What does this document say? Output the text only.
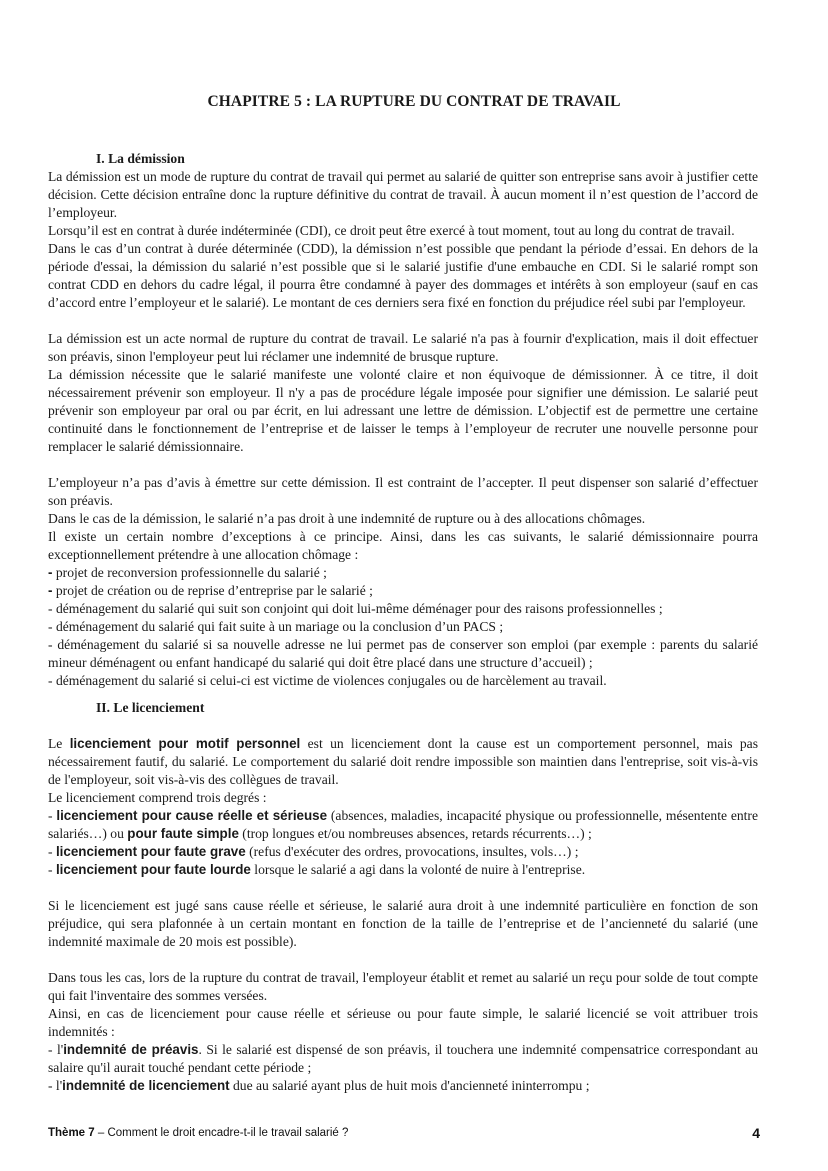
CHAPITRE 5 : LA RUPTURE DU CONTRAT DE TRAVAIL
I. La démission

La démission est un mode de rupture du contrat de travail qui permet au salarié de quitter son entreprise sans avoir à justifier cette décision. Cette décision entraîne donc la rupture définitive du contrat de travail. À aucun moment il n’est question de l’accord de l’employeur.

Lorsqu’il est en contrat à durée indéterminée (CDI), ce droit peut être exercé à tout moment, tout au long du contrat de travail.

Dans le cas d’un contrat à durée déterminée (CDD), la démission n’est possible que pendant la période d’essai. En dehors de la période d'essai, la démission du salarié n’est possible que si le salarié justifie d'une embauche en CDI. Si le salarié rompt son contrat CDD en dehors du cadre légal, il pourra être condamné à payer des dommages et intérêts à son employeur (sauf en cas d’accord entre l’employeur et le salarié). Le montant de ces derniers sera fixé en fonction du préjudice réel subi par l'employeur.

La démission est un acte normal de rupture du contrat de travail. Le salarié n'a pas à fournir d'explication, mais il doit effectuer son préavis, sinon l'employeur peut lui réclamer une indemnité de brusque rupture.

La démission nécessite que le salarié manifeste une volonté claire et non équivoque de démissionner. À ce titre, il doit nécessairement prévenir son employeur. Il n'y a pas de procédure légale imposée pour signifier une démission. Le salarié peut prévenir son employeur par oral ou par écrit, en lui adressant une lettre de démission. L’objectif est de permettre une certaine continuité dans le fonctionnement de l’entreprise et de laisser le temps à l’employeur de recruter une nouvelle personne pour remplacer le salarié démissionnaire.

L’employeur n’a pas d’avis à émettre sur cette démission. Il est contraint de l’accepter. Il peut dispenser son salarié d’effectuer son préavis.

Dans le cas de la démission, le salarié n’a pas droit à une indemnité de rupture ou à des allocations chômages.

Il existe un certain nombre d’exceptions à ce principe. Ainsi, dans les cas suivants, le salarié démissionnaire pourra exceptionnellement prétendre à une allocation chômage :

- projet de reconversion professionnelle du salarié ;

- projet de création ou de reprise d’entreprise par le salarié ;

- déménagement du salarié qui suit son conjoint qui doit lui-même déménager pour des raisons professionnelles ;

- déménagement du salarié qui fait suite à un mariage ou la conclusion d’un PACS ;

- déménagement du salarié si sa nouvelle adresse ne lui permet pas de conserver son emploi (par exemple : parents du salarié mineur déménagent ou enfant handicapé du salarié qui doit être placé dans une structure d’accueil) ;

- déménagement du salarié si celui-ci est victime de violences conjugales ou de harcèlement au travail.

II. Le licenciement

Le licenciement pour motif personnel est un licenciement dont la cause est un comportement personnel, mais pas nécessairement fautif, du salarié. Le comportement du salarié doit rendre impossible son maintien dans l'entreprise, soit vis-à-vis de l'employeur, soit vis-à-vis des collègues de travail.

Le licenciement comprend trois degrés :

- licenciement pour cause réelle et sérieuse (absences, maladies, incapacité physique ou professionnelle, mésentente entre salariés…) ou pour faute simple (trop longues et/ou nombreuses absences, retards récurrents…) ;

- licenciement pour faute grave (refus d'exécuter des ordres, provocations, insultes, vols…) ;

- licenciement pour faute lourde lorsque le salarié a agi dans la volonté de nuire à l'entreprise.

Si le licenciement est jugé sans cause réelle et sérieuse, le salarié aura droit à une indemnité particulière en fonction de son préjudice, qui sera plafonnée à un certain montant en fonction de la taille de l’entreprise et de l’ancienneté du salarié (une indemnité maximale de 20 mois est possible).

Dans tous les cas, lors de la rupture du contrat de travail, l'employeur établit et remet au salarié un reçu pour solde de tout compte qui fait l'inventaire des sommes versées.

Ainsi, en cas de licenciement pour cause réelle et sérieuse ou pour faute simple, le salarié licencié se voit attribuer trois indemnités :

- l'indemnité de préavis. Si le salarié est dispensé de son préavis, il touchera une indemnité compensatrice correspondant au salaire qu'il aurait touché pendant cette période ;

- l'indemnité de licenciement due au salarié ayant plus de huit mois d'ancienneté ininterrompu ;

Thème 7 – Comment le droit encadre-t-il le travail salarié ?	4
